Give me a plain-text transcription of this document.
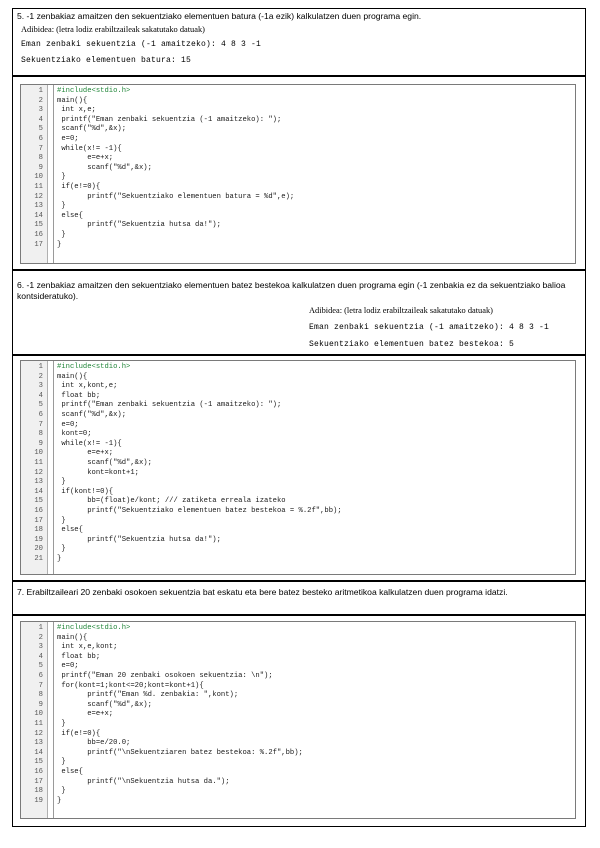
5. -1 zenbakiaz amaitzen den sekuentziako elementuen batura (-1a ezik) kalkulatzen duen programa egin.
Adibidea: (letra lodiz erabiltzaileak sakatutako datuak)
Eman zenbaki sekuentzia (-1 amaitzeko): 4 8 3 -1
Sekuentziako elementuen batura: 15
1 #include<stdio.h>
2 main(){
3 int x,e;
4 printf("Eman zenbaki sekuentzia (-1 amaitzeko): ");
5 scanf("%d",&x);
6 e=0;
7 while(x!= -1){
8 e=e+x;
9 scanf("%d",&x);
10 }
11 if(e!=0){
12 printf("Sekuentziako elementuen batura = %d",e);
13 }
14 else{
15 printf("Sekuentzia hutsa da!");
16 }
17 }
6. -1 zenbakiaz amaitzen den sekuentziako elementuen batez bestekoa kalkulatzen duen programa egin (-1 zenbakia ez da sekuentziako balioa kontsideratuko).
Adibidea: (letra lodiz erabiltzaileak sakatutako datuak)
Eman zenbaki sekuentzia (-1 amaitzeko): 4 8 3 -1
Sekuentziako elementuen batez bestekoa: 5
1 #include<stdio.h>
2 main(){
3 int x,kont,e;
4 float bb;
5 printf("Eman zenbaki sekuentzia (-1 amaitzeko): ");
6 scanf("%d",&x);
7 e=0;
8 kont=0;
9 while(x!= -1){
10 e=e+x;
11 scanf("%d",&x);
12 kont=kont+1;
13 }
14 if(kont!=0){
15 bb=(float)e/kont; /// zatiketa erreala izateko
16 printf("Sekuentziako elementuen batez bestekoa = %.2f",bb);
17 }
18 else{
19 printf("Sekuentzia hutsa da!");
20 }
21 }
7. Erabiltzaileari 20 zenbaki osokoen sekuentzia bat eskatu eta bere batez besteko aritmetikoa kalkulatzen duen programa idatzi.
1 #include<stdio.h>
2 main(){
3 int x,e,kont;
4 float bb;
5 e=0;
6 printf("Eman 20 zenbaki osokoen sekuentzia: \n");
7 for(kont=1;kont<=20;kont=kont+1){
8 printf("Eman %d. zenbakia: ",kont);
9 scanf("%d",&x);
10 e=e+x;
11 }
12 if(e!=0){
13 bb=e/20.0;
14 printf("\nSekuentziaren batez bestekoa: %.2f",bb);
15 }
16 else{
17 printf("\nSekuentzia hutsa da.");
18 }
19 }
